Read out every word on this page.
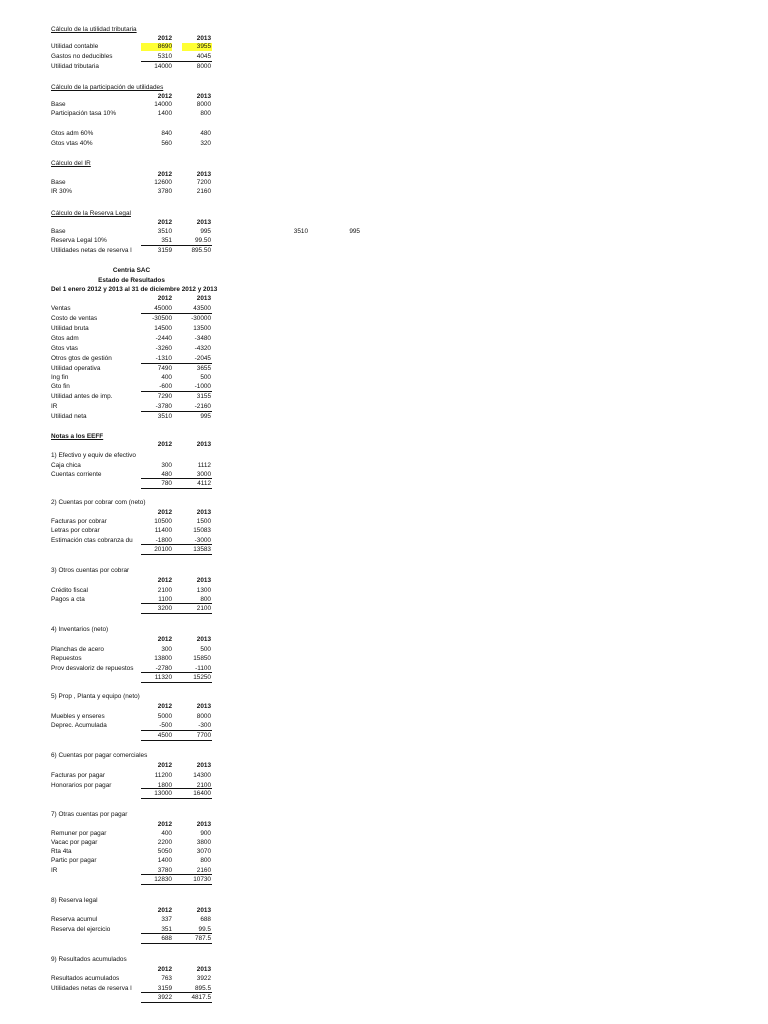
Cálculo de la utilidad tributaria
2012	2013
Utilidad contable	8690	3955
Gastos no deducibles	5310	4045
Utilidad tributaria	14000	8000
Cálculo de la participación de utilidades
2012	2013
Base	14000	8000
Participación tasa 10%	1400	800
Gtos adm 60%	840	480
Gtos vtas 40%	560	320
Cálculo del IR
2012	2013
Base	12600	7200
IR 30%	3780	2160
Cálculo de la Reserva Legal
2012	2013
Base	3510	995	3510	995
Reserva Legal 10%	351	99.50
Utilidades netas de reserva l	3159	895.50
Centria SAC
Estado de Resultados
Del 1 enero 2012 y 2013 al 31 de diciembre 2012 y 2013
2012	2013
Ventas	45000	43500
Costo de ventas	-30500	-30000
Utilidad bruta	14500	13500
Gtos adm	-2440	-3480
Gtos vtas	-3260	-4320
Otros gtos de gestión	-1310	-2045
Utilidad operativa	7490	3655
Ing fin	400	500
Gto fin	-600	-1000
Utilidad antes de imp.	7290	3155
IR	-3780	-2160
Utilidad neta	3510	995
Notas a los EEFF
2012	2013
1) Efectivo y equiv de efectivo
Caja chica	300	1112
Cuentas corriente	480	3000
780	4112
2) Cuentas por cobrar com (neto)
2012	2013
Facturas por cobrar	10500	1500
Letras por cobrar	11400	15083
Estimación ctas cobranza du	-1800	-3000
20100	13583
3) Otros cuentas por cobrar
2012	2013
Crédito fiscal	2100	1300
Pagos a cta	1100	800
3200	2100
4) Inventarios (neto)
2012	2013
Planchas de acero	300	500
Repuestos	13800	15850
Prov desvaloriz de repuestos	-2780	-1100
11320	15250
5) Prop , Planta y equipo (neto)
2012	2013
Muebles y enseres	5000	8000
Deprec. Acumulada	-500	-300
4500	7700
6) Cuentas por pagar comerciales
2012	2013
Facturas por pagar	11200	14300
Honorarios por pagar	1800	2100
13000	16400
7) Otras cuentas por pagar
2012	2013
Remuner por pagar	400	900
Vacac por pagar	2200	3800
Rta 4ta	5050	3070
Partic por pagar	1400	800
IR	3780	2160
12830	10730
8) Reserva legal
2012	2013
Reserva acumul	337	688
Reserva del ejercicio	351	99.5
688	787.5
9) Resultados acumulados
2012	2013
Resultados acumulados	763	3922
Utilidades netas de reserva l	3159	895.5
3922	4817.5
